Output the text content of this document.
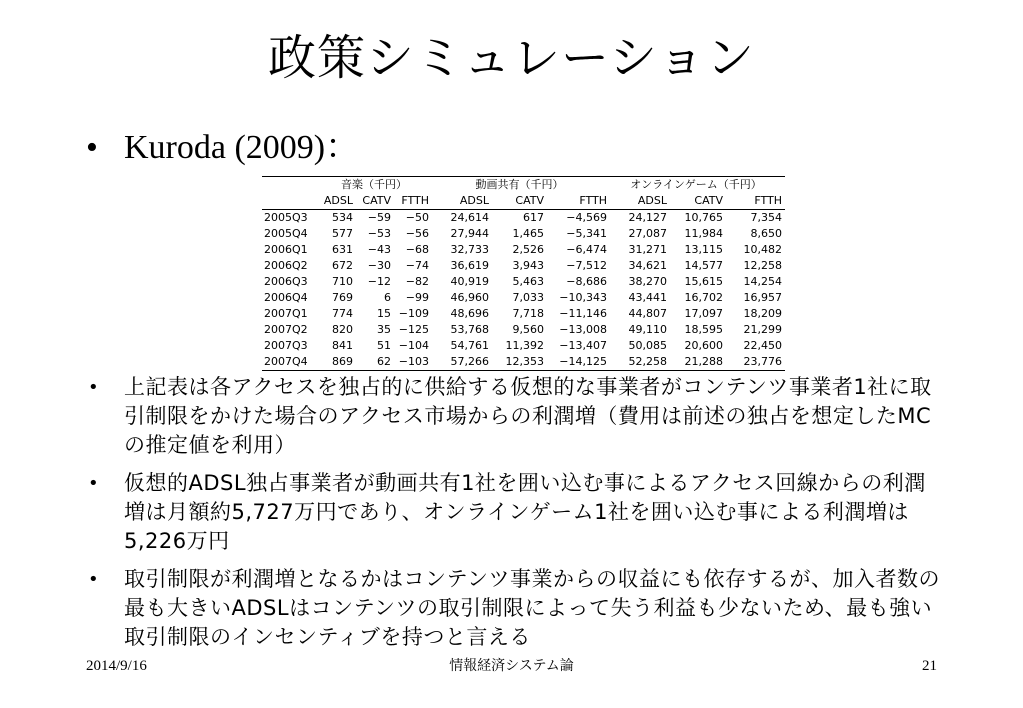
政策シミュレーション
• Kuroda (2009)：
	音楽（千円）			動画共有（千円）			オンラインゲーム（千円）		
	ADSL	CATV	FTTH	ADSL	CATV	FTTH	ADSL	CATV	FTTH
2005Q3	534	−59	−50	24,614	617	−4,569	24,127	10,765	7,354
2005Q4	577	−53	−56	27,944	1,465	−5,341	27,087	11,984	8,650
2006Q1	631	−43	−68	32,733	2,526	−6,474	31,271	13,115	10,482
2006Q2	672	−30	−74	36,619	3,943	−7,512	34,621	14,577	12,258
2006Q3	710	−12	−82	40,919	5,463	−8,686	38,270	15,615	14,254
2006Q4	769	6	−99	46,960	7,033	−10,343	43,441	16,702	16,957
2007Q1	774	15	−109	48,696	7,718	−11,146	44,807	17,097	18,209
2007Q2	820	35	−125	53,768	9,560	−13,008	49,110	18,595	21,299
2007Q3	841	51	−104	54,761	11,392	−13,407	50,085	20,600	22,450
2007Q4	869	62	−103	57,266	12,353	−14,125	52,258	21,288	23,776
• 上記表は各アクセスを独占的に供給する仮想的な事業者がコンテンツ事業者1社に取引制限をかけた場合のアクセス市場からの利潤増（費用は前述の独占を想定したMCの推定値を利用）
• 仮想的ADSL独占事業者が動画共有1社を囲い込む事によるアクセス回線からの利潤増は月額約5,727万円であり、オンラインゲーム1社を囲い込む事による利潤増は5,226万円
• 取引制限が利潤増となるかはコンテンツ事業からの収益にも依存するが、加入者数の最も大きいADSLはコンテンツの取引制限によって失う利益も少ないため、最も強い取引制限のインセンティブを持つと言える
2014/9/16	情報経済システム論	21
